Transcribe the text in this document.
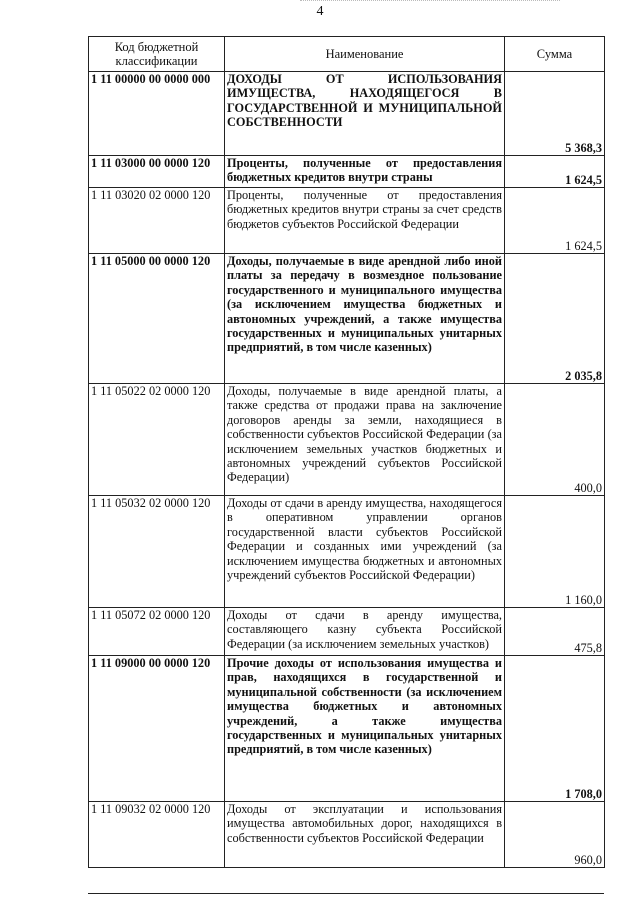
4
Код бюджетной классификации	Наименование	Сумма
1 11 00000 00 0000 000	ДОХОДЫ ОТ ИСПОЛЬЗОВАНИЯ ИМУЩЕСТВА, НАХОДЯЩЕГОСЯ В ГОСУДАРСТВЕННОЙ И МУНИЦИПАЛЬНОЙ СОБСТВЕННОСТИ	5 368,3
1 11 03000 00 0000 120	Проценты, полученные от предоставления бюджетных кредитов внутри страны	1 624,5
1 11 03020 02 0000 120	Проценты, полученные от предоставления бюджетных кредитов внутри страны за счет средств бюджетов субъектов Российской Федерации	1 624,5
1 11 05000 00 0000 120	Доходы, получаемые в виде арендной либо иной платы за передачу в возмездное пользование государственного и муниципального имущества (за исключением имущества бюджетных и автономных учреждений, а также имущества государственных и муниципальных унитарных предприятий, в том числе казенных)	2 035,8
1 11 05022 02 0000 120	Доходы, получаемые в виде арендной платы, а также средства от продажи права на заключение договоров аренды за земли, находящиеся в собственности субъектов Российской Федерации (за исключением земельных участков бюджетных и автономных учреждений субъектов Российской Федерации)	400,0
1 11 05032 02 0000 120	Доходы от сдачи в аренду имущества, находящегося в оперативном управлении органов государственной власти субъектов Российской Федерации и созданных ими учреждений (за исключением имущества бюджетных и автономных учреждений субъектов Российской Федерации)	1 160,0
1 11 05072 02 0000 120	Доходы от сдачи в аренду имущества, составляющего казну субъекта Российской Федерации (за исключением земельных участков)	475,8
1 11 09000 00 0000 120	Прочие доходы от использования имущества и прав, находящихся в государственной и муниципальной собственности (за исключением имущества бюджетных и автономных учреждений, а также имущества государственных и муниципальных унитарных предприятий, в том числе казенных)	1 708,0
1 11 09032 02 0000 120	Доходы от эксплуатации и использования имущества автомобильных дорог, находящихся в собственности субъектов Российской Федерации	960,0
